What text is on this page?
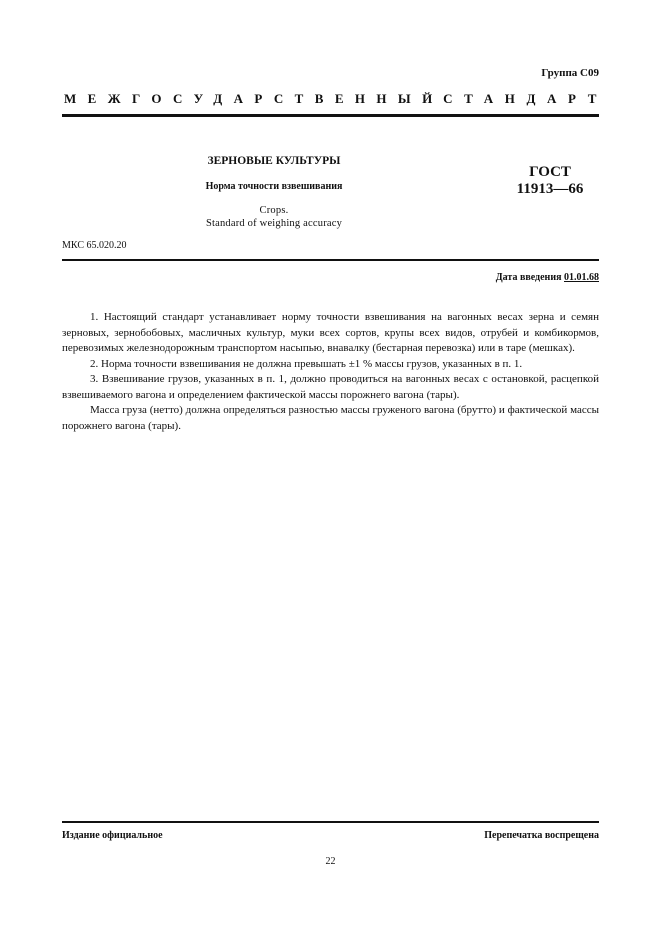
Группа С09
МЕЖГОСУДАРСТВЕННЫЙ СТАНДАРТ
ЗЕРНОВЫЕ КУЛЬТУРЫ
Норма точности взвешивания
Crops.
Standard of weighing accuracy
ГОСТ
11913—66
МКС 65.020.20
Дата введения 01.01.68

1. Настоящий стандарт устанавливает норму точности взвешивания на вагонных весах зерна и семян зерновых, зернобобовых, масличных культур, муки всех сортов, крупы всех видов, отрубей и комбикормов, перевозимых железнодорожным транспортом насыпью, внавалку (бестарная перевозка) или в таре (мешках).

2. Норма точности взвешивания не должна превышать ±1 % массы грузов, указанных в п. 1.

3. Взвешивание грузов, указанных в п. 1, должно проводиться на вагонных весах с остановкой, расцепкой взвешиваемого вагона и определением фактической массы порожнего вагона (тары).

Масса груза (нетто) должна определяться разностью массы груженого вагона (брутто) и фактической массы порожнего вагона (тары).

Издание официальное	Перепечатка воспрещена
22
